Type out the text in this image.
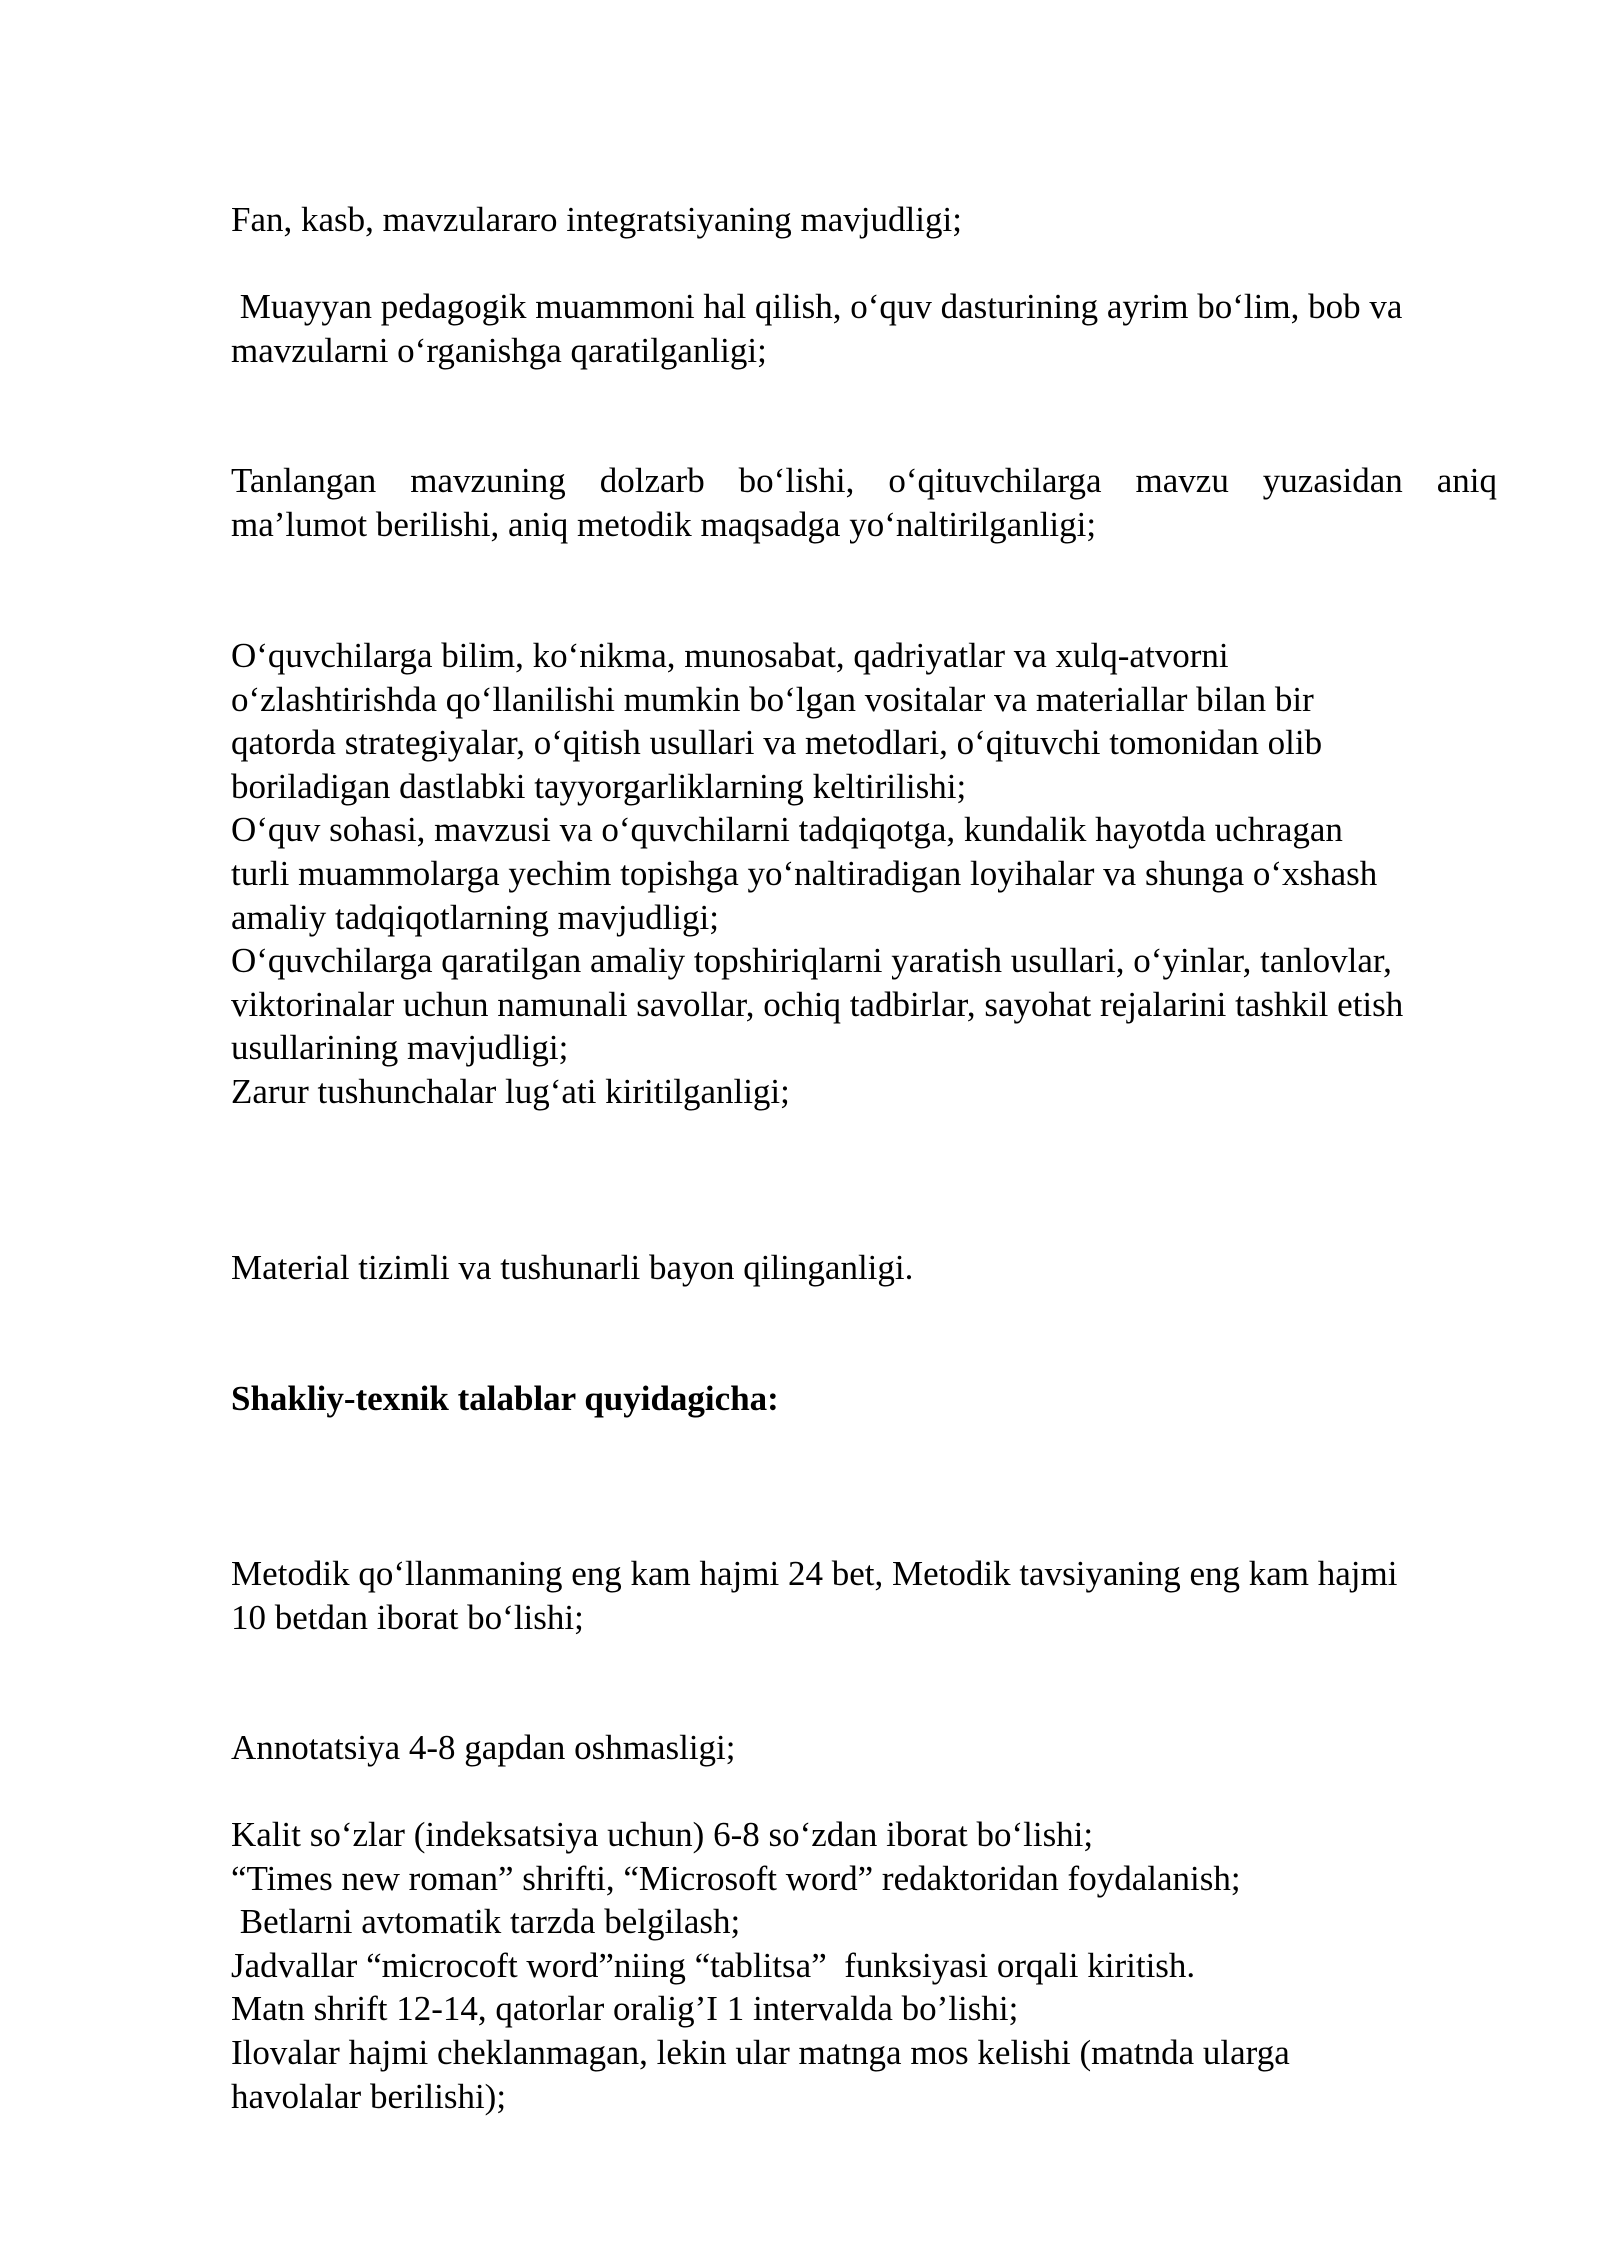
Fan, kasb, mavzulararo integratsiyaning mavjudligi;

Muayyan pedagogik muammoni hal qilish, o‘quv dasturining ayrim bo‘lim, bob va
mavzularni o‘rganishga qaratilganligi;

Tanlangan mavzuning dolzarb bo‘lishi, o‘qituvchilarga mavzu yuzasidan aniq
ma’lumot berilishi, aniq metodik maqsadga yo‘naltirilganligi;

O‘quvchilarga bilim, ko‘nikma, munosabat, qadriyatlar va xulq-atvorni
o‘zlashtirishda qo‘llanilishi mumkin bo‘lgan vositalar va materiallar bilan bir
qatorda strategiyalar, o‘qitish usullari va metodlari, o‘qituvchi tomonidan olib
boriladigan dastlabki tayyorgarliklarning keltirilishi;
O‘quv sohasi, mavzusi va o‘quvchilarni tadqiqotga, kundalik hayotda uchragan
turli muammolarga yechim topishga yo‘naltiradigan loyihalar va shunga o‘xshash
amaliy tadqiqotlarning mavjudligi;
O‘quvchilarga qaratilgan amaliy topshiriqlarni yaratish usullari, o‘yinlar, tanlovlar,
viktorinalar uchun namunali savollar, ochiq tadbirlar, sayohat rejalarini tashkil etish
usullarining mavjudligi;
Zarur tushunchalar lug‘ati kiritilganligi;

Material tizimli va tushunarli bayon qilinganligi.

Shakliy-texnik talablar quyidagicha:

Metodik qo‘llanmaning eng kam hajmi 24 bet, Metodik tavsiyaning eng kam hajmi
10 betdan iborat bo‘lishi;

Annotatsiya 4-8 gapdan oshmasligi;

Kalit so‘zlar (indeksatsiya uchun) 6-8 so‘zdan iborat bo‘lishi;
“Times new roman” shrifti, “Microsoft word” redaktoridan foydalanish;
Betlarni avtomatik tarzda belgilash;
Jadvallar “microcoft word”niing “tablitsa”  funksiyasi orqali kiritish.
Matn shrift 12-14, qatorlar oralig’I 1 intervalda bo’lishi;
Ilovalar hajmi cheklanmagan, lekin ular matnga mos kelishi (matnda ularga
havolalar berilishi);
